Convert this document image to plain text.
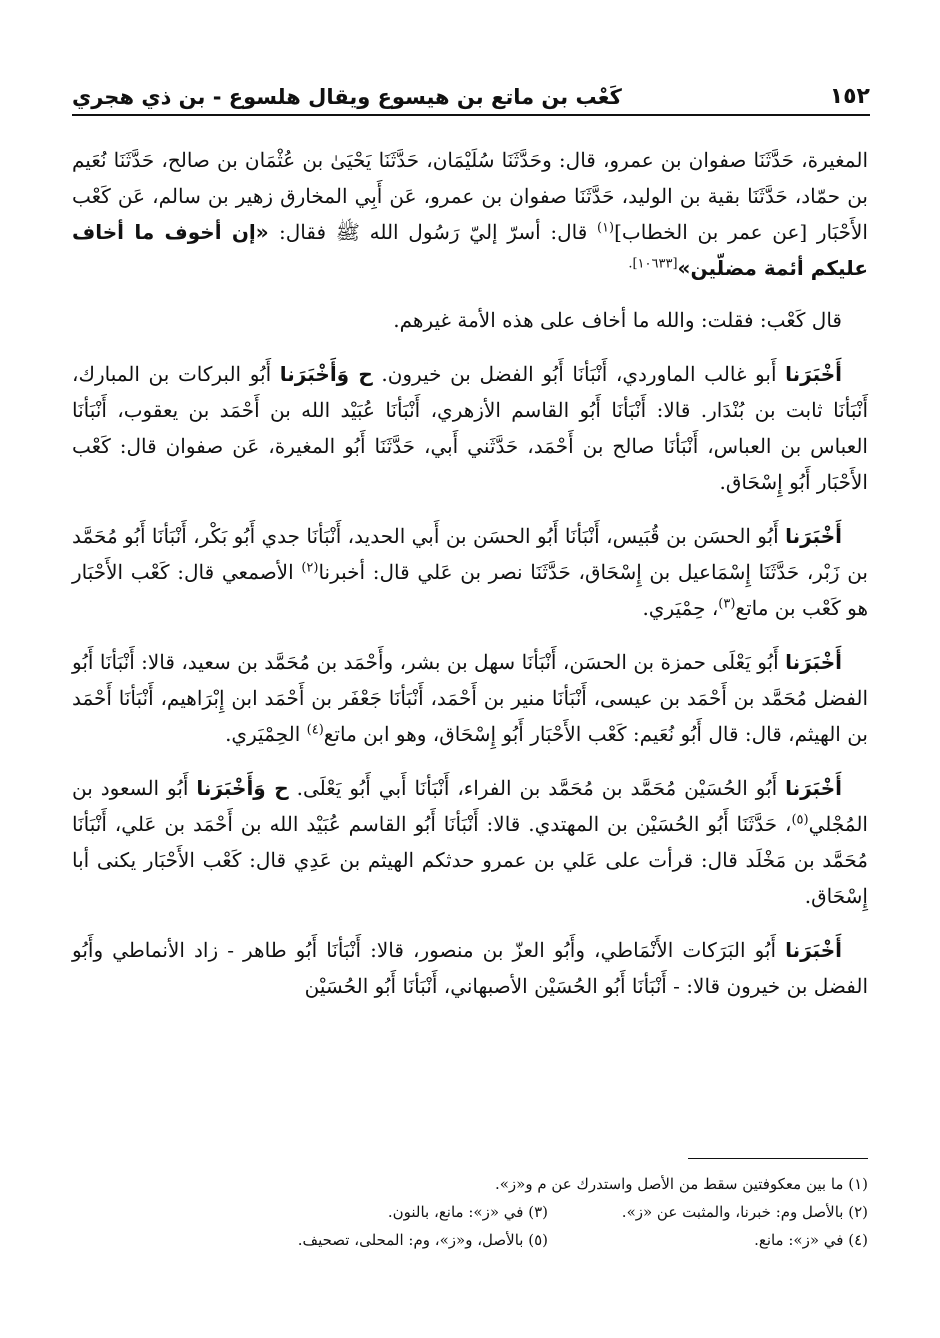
١٥٢
كَعْب بن ماتع بن هيسوع ويقال هلسوع - بن ذي هجري

المغيرة، حَدَّثَنَا صفوان بن عمرو، قال: وحَدَّثَنَا سُلَيْمَان، حَدَّثَنَا يَحْيَىٰ بن عُثْمَان بن صالح، حَدَّثَنَا نُعَيم بن حمّاد، حَدَّثَنَا بقية بن الوليد، حَدَّثَنَا صفوان بن عمرو، عَن أَبِي المخارق زهير بن سالم، عَن كَعْب الأَحْبَار [عن عمر بن الخطاب]$^{(١)}$ قال: أسرّ إليّ رَسُول الله ﷺ فقال: «إن أخوف ما أخاف عليكم أئمة مضلّين»$^{[١٠٦٣٣].}$

قال كَعْب: فقلت: والله ما أخاف على هذه الأمة غيرهم.

أَخْبَرَنا أَبو غالب الماوردي، أَنْبَأنَا أَبُو الفضل بن خيرون. ح وَأَخْبَرَنا أَبُو البركات بن المبارك، أَنْبَأنَا ثابت بن بُنْدَار. قالا: أَنْبَأنَا أَبُو القاسم الأزهري، أَنْبَأنَا عُبَيْد الله بن أَحْمَد بن يعقوب، أَنْبَأنَا العباس بن العباس، أَنْبَأنَا صالح بن أَحْمَد، حَدَّثَني أَبي، حَدَّثَنَا أَبُو المغيرة، عَن صفوان قال: كَعْب الأَحْبَار أَبُو إِسْحَاق.

أَخْبَرَنا أَبُو الحسَن بن قُبَيس، أَنْبَأنَا أَبُو الحسَن بن أَبي الحديد، أَنْبَأنَا جدي أَبُو بَكْر، أَنْبَأنَا أَبُو مُحَمَّد بن زَبْر، حَدَّثَنَا إِسْمَاعيل بن إِسْحَاق، حَدَّثَنَا نصر بن عَلي قال: أخبرنا$^{(٢)}$ الأصمعي قال: كَعْب الأَحْبَار هو كَعْب بن ماتع$^{(٣)}$، حِمْيَري.

أَخْبَرَنا أَبُو يَعْلَى حمزة بن الحسَن، أَنْبَأنَا سهل بن بشر، وأَحْمَد بن مُحَمَّد بن سعيد، قالا: أَنْبَأنَا أَبُو الفضل مُحَمَّد بن أَحْمَد بن عيسى، أَنْبَأنَا منير بن أَحْمَد، أَنْبَأنَا جَعْفَر بن أَحْمَد ابن إِبْرَاهيم، أَنْبَأنَا أَحْمَد بن الهيثم، قال: قال أَبُو نُعَيم: كَعْب الأَحْبَار أَبُو إِسْحَاق، وهو ابن ماتع$^{(٤)}$ الحِمْيَري.

أَخْبَرَنا أَبُو الحُسَيْن مُحَمَّد بن مُحَمَّد بن الفراء، أَنْبَأنَا أَبي أَبُو يَعْلَى. ح وَأَخْبَرَنا أَبُو السعود بن المُجْلي$^{(٥)}$، حَدَّثَنَا أَبُو الحُسَيْن بن المهتدي. قالا: أَنْبَأنَا أَبُو القاسم عُبَيْد الله بن أَحْمَد بن عَلي، أَنْبَأنَا مُحَمَّد بن مَخْلَد قال: قرأت على عَلي بن عمرو حدثكم الهيثم بن عَدِي قال: كَعْب الأَحْبَار يكنى أبا إِسْحَاق.

أَخْبَرَنا أَبُو البَرَكات الأَنْمَاطي، وأَبُو العزّ بن منصور، قالا: أَنْبَأنَا أَبُو طاهر - زاد الأنماطي وأَبُو الفضل بن خيرون قالا: - أَنْبَأنَا أَبُو الحُسَيْن الأصبهاني، أَنْبَأنَا أَبُو الحُسَيْن

(١) ما بين معكوفتين سقط من الأصل واستدرك عن م و«ز».
(٢) بالأصل وم: خبرنا، والمثبت عن «ز».
(٣) في «ز»: مانع، بالنون.
(٤) في «ز»: مانع.
(٥) بالأصل، و«ز»، وم: المحلى، تصحيف.
